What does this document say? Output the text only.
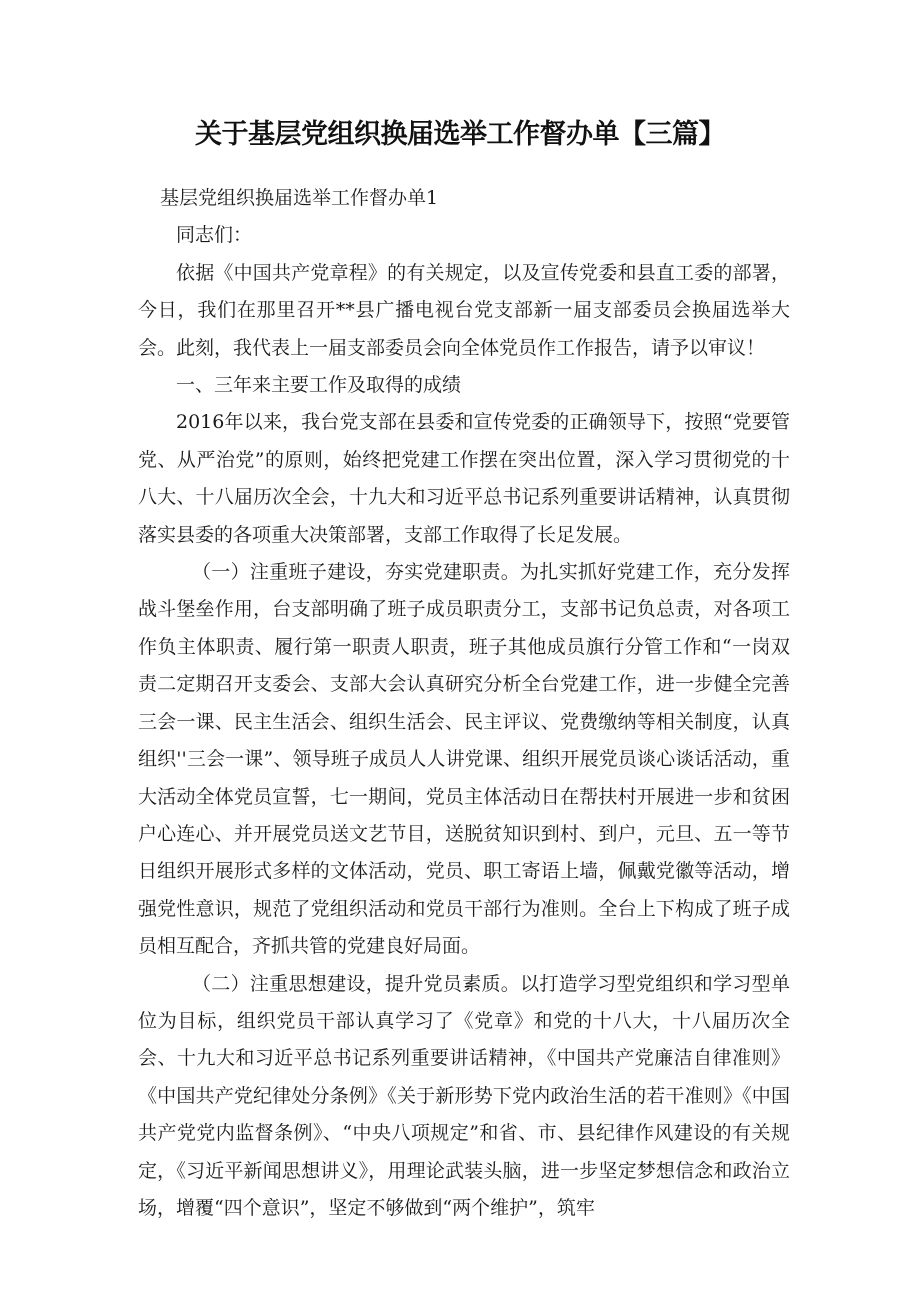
关于基层党组织换届选举工作督办单【三篇】

基层党组织换届选举工作督办单1

同志们：

依据《中国共产党章程》的有关规定，以及宣传党委和县直工委的部署，今日，我们在那里召开**县广播电视台党支部新一届支部委员会换届选举大会。此刻，我代表上一届支部委员会向全体党员作工作报告，请予以审议！

一、三年来主要工作及取得的成绩

2016年以来，我台党支部在县委和宣传党委的正确领导下，按照“党要管党、从严治党”的原则，始终把党建工作摆在突出位置，深入学习贯彻党的十八大、十八届历次全会，十九大和习近平总书记系列重要讲话精神，认真贯彻落实县委的各项重大决策部署，支部工作取得了长足发展。

（一）注重班子建设，夯实党建职责。为扎实抓好党建工作，充分发挥战斗堡垒作用，台支部明确了班子成员职责分工，支部书记负总责，对各项工作负主体职责、履行第一职责人职责，班子其他成员旗行分管工作和“一岗双责二定期召开支委会、支部大会认真研究分析全台党建工作，进一步健全完善三会一课、民主生活会、组织生活会、民主评议、党费缴纳等相关制度，认真组织''三会一课”、领导班子成员人人讲党课、组织开展党员谈心谈话活动，重大活动全体党员宣誓，七一期间，党员主体活动日在帮扶村开展进一步和贫困户心连心、并开展党员送文艺节目，送脱贫知识到村、到户，元旦、五一等节日组织开展形式多样的文体活动，党员、职工寄语上墙，佩戴党徽等活动，增强党性意识，规范了党组织活动和党员干部行为准则。全台上下构成了班子成员相互配合，齐抓共管的党建良好局面。

（二）注重思想建设，提升党员素质。以打造学习型党组织和学习型单位为目标，组织党员干部认真学习了《党章》和党的十八大，十八届历次全会、十九大和习近平总书记系列重要讲话精神，《中国共产党廉洁自律准则》《中国共产党纪律处分条例》《关于新形势下党内政治生活的若干准则》《中国共产党党内监督条例》、“中央八项规定”和省、市、县纪律作风建设的有关规定，《习近平新闻思想讲义》，用理论武装头脑，进一步坚定梦想信念和政治立场，增覆“四个意识”，坚定不够做到“两个维护”，筑牢
